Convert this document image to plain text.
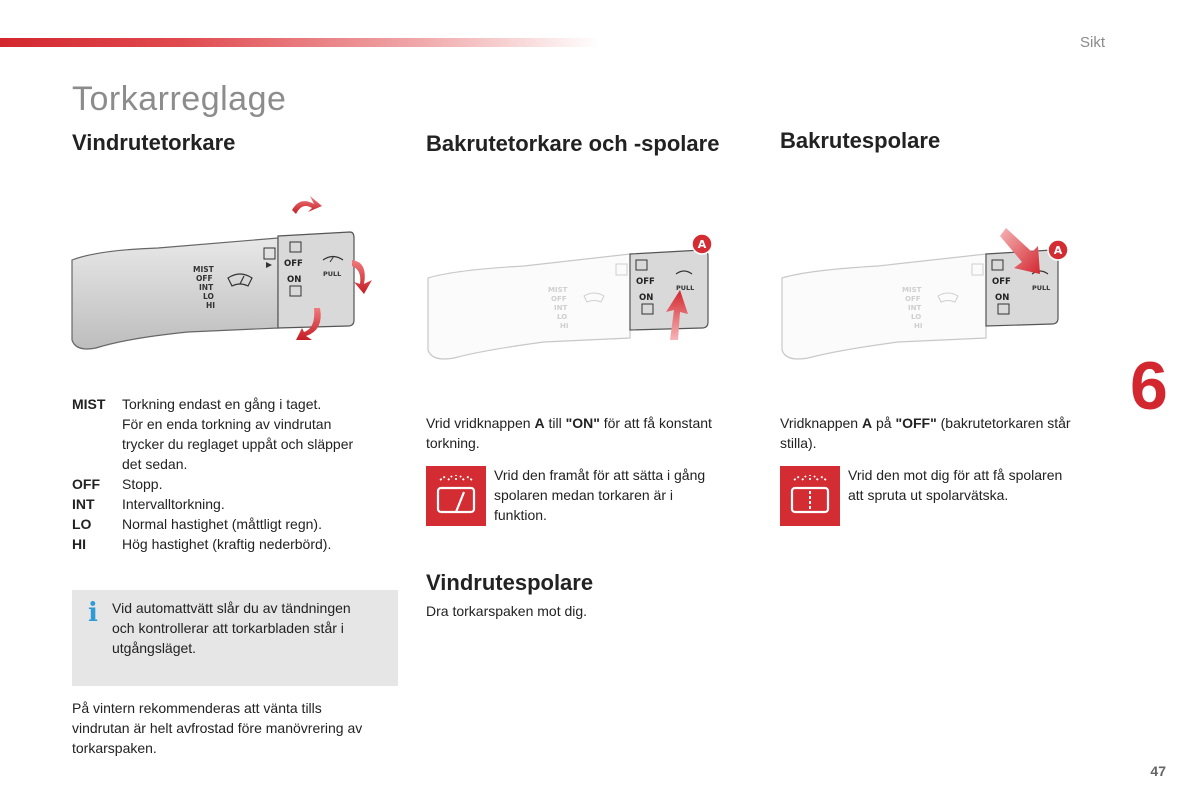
Sikt
Torkarreglage
Vindrutetorkare	Bakrutetorkare och -spolare	Bakrutespolare
MIST
OFF
INT
LO
HI
OFF
ON
PULL
MIST	Torkning endast en gång i taget.
För en enda torkning av vindrutan
trycker du reglaget uppåt och släpper
det sedan.
OFF	Stopp.
INT	Intervalltorkning.
LO	Normal hastighet (måttligt regn).
HI	Hög hastighet (kraftig nederbörd).
i Vid automattvätt slår du av tändningen
och kontrollerar att torkarbladen står i
utgångsläget.
På vintern rekommenderas att vänta tills
vindrutan är helt avfrostad före manövrering av
torkarspaken.
MIST
OFF
INT
LO
HI
OFF
ON
PULL
A
Vrid vridknappen A till "ON" för att få konstant
torkning.
Vrid den framåt för att sätta i gång
spolaren medan torkaren är i
funktion.
Vindrutespolare
Dra torkarspaken mot dig.
MIST
OFF
INT
LO
HI
OFF
ON
PULL
A
Vridknappen A på "OFF" (bakrutetorkaren står
stilla).
Vrid den mot dig för att få spolaren
att spruta ut spolarvätska.
6
47
